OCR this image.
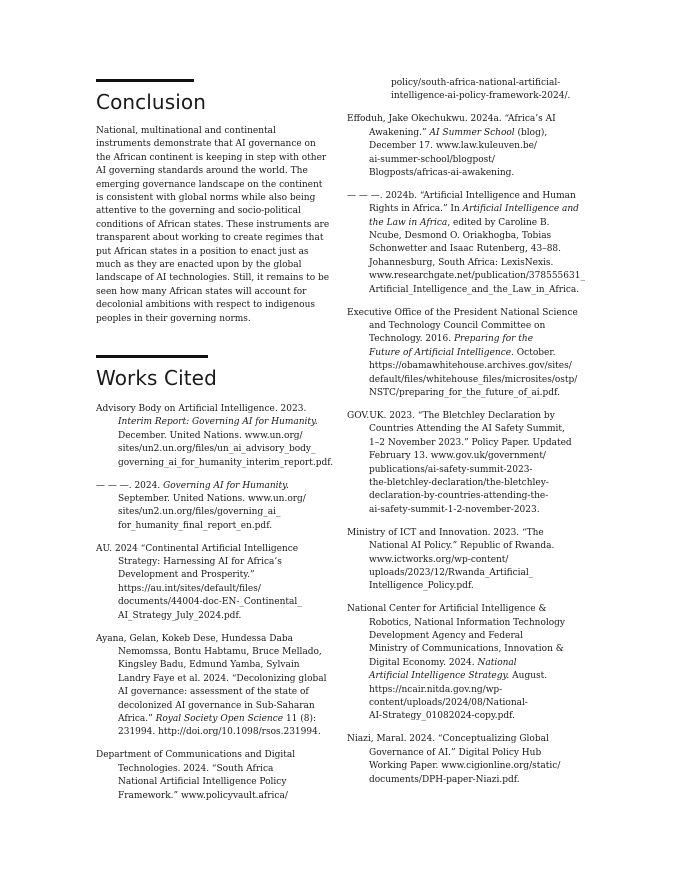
Conclusion

National, multinational and continental instruments demonstrate that AI governance on the African continent is keeping in step with other AI governing standards around the world. The emerging governance landscape on the continent is consistent with global norms while also being attentive to the governing and socio-political conditions of African states. These instruments are transparent about working to create regimes that put African states in a position to enact just as much as they are enacted upon by the global landscape of AI technologies. Still, it remains to be seen how many African states will account for decolonial ambitions with respect to indigenous peoples in their governing norms.

Works Cited

Advisory Body on Artificial Intelligence. 2023.
Interim Report: Governing AI for Humanity.
December. United Nations. www.un.org/
sites/un2.un.org/files/un_ai_advisory_body_
governing_ai_for_humanity_interim_report.pdf.

— — —. 2024. Governing AI for Humanity.
September. United Nations. www.un.org/
sites/un2.un.org/files/governing_ai_
for_humanity_final_report_en.pdf.

AU. 2024 “Continental Artificial Intelligence
Strategy: Harnessing AI for Africa’s
Development and Prosperity.”
https://au.int/sites/default/files/
documents/44004-doc-EN-_Continental_
AI_Strategy_July_2024.pdf.

Ayana, Gelan, Kokeb Dese, Hundessa Daba
Nemomssa, Bontu Habtamu, Bruce Mellado,
Kingsley Badu, Edmund Yamba, Sylvain
Landry Faye et al. 2024. “Decolonizing global
AI governance: assessment of the state of
decolonized AI governance in Sub-Saharan
Africa.” Royal Society Open Science 11 (8):
231994. http://doi.org/10.1098/rsos.231994.

Department of Communications and Digital
Technologies. 2024. “South Africa
National Artificial Intelligence Policy
Framework.” www.policyvault.africa/

policy/south-africa-national-artificial-
intelligence-ai-policy-framework-2024/.

Effoduh, Jake Okechukwu. 2024a. “Africa’s AI
Awakening.” AI Summer School (blog),
December 17. www.law.kuleuven.be/
ai-summer-school/blogpost/
Blogposts/africas-ai-awakening.

— — —. 2024b. “Artificial Intelligence and Human
Rights in Africa.” In Artificial Intelligence and
the Law in Africa, edited by Caroline B.
Ncube, Desmond O. Oriakhogba, Tobias
Schonwetter and Isaac Rutenberg, 43–88.
Johannesburg, South Africa: LexisNexis.
www.researchgate.net/publication/378555631_
Artificial_Intelligence_and_the_Law_in_Africa.

Executive Office of the President National Science
and Technology Council Committee on
Technology. 2016. Preparing for the
Future of Artificial Intelligence. October.
https://obamawhitehouse.archives.gov/sites/
default/files/whitehouse_files/microsites/ostp/
NSTC/preparing_for_the_future_of_ai.pdf.

GOV.UK. 2023. “The Bletchley Declaration by
Countries Attending the AI Safety Summit,
1–2 November 2023.” Policy Paper. Updated
February 13. www.gov.uk/government/
publications/ai-safety-summit-2023-
the-bletchley-declaration/the-bletchley-
declaration-by-countries-attending-the-
ai-safety-summit-1-2-november-2023.

Ministry of ICT and Innovation. 2023. “The
National AI Policy.” Republic of Rwanda.
www.ictworks.org/wp-content/
uploads/2023/12/Rwanda_Artificial_
Intelligence_Policy.pdf.

National Center for Artificial Intelligence &
Robotics, National Information Technology
Development Agency and Federal
Ministry of Communications, Innovation &
Digital Economy. 2024. National
Artificial Intelligence Strategy. August.
https://ncair.nitda.gov.ng/wp-
content/uploads/2024/08/National-
AI-Strategy_01082024-copy.pdf.

Niazi, Maral. 2024. “Conceptualizing Global
Governance of AI.” Digital Policy Hub
Working Paper. www.cigionline.org/static/
documents/DPH-paper-Niazi.pdf.
